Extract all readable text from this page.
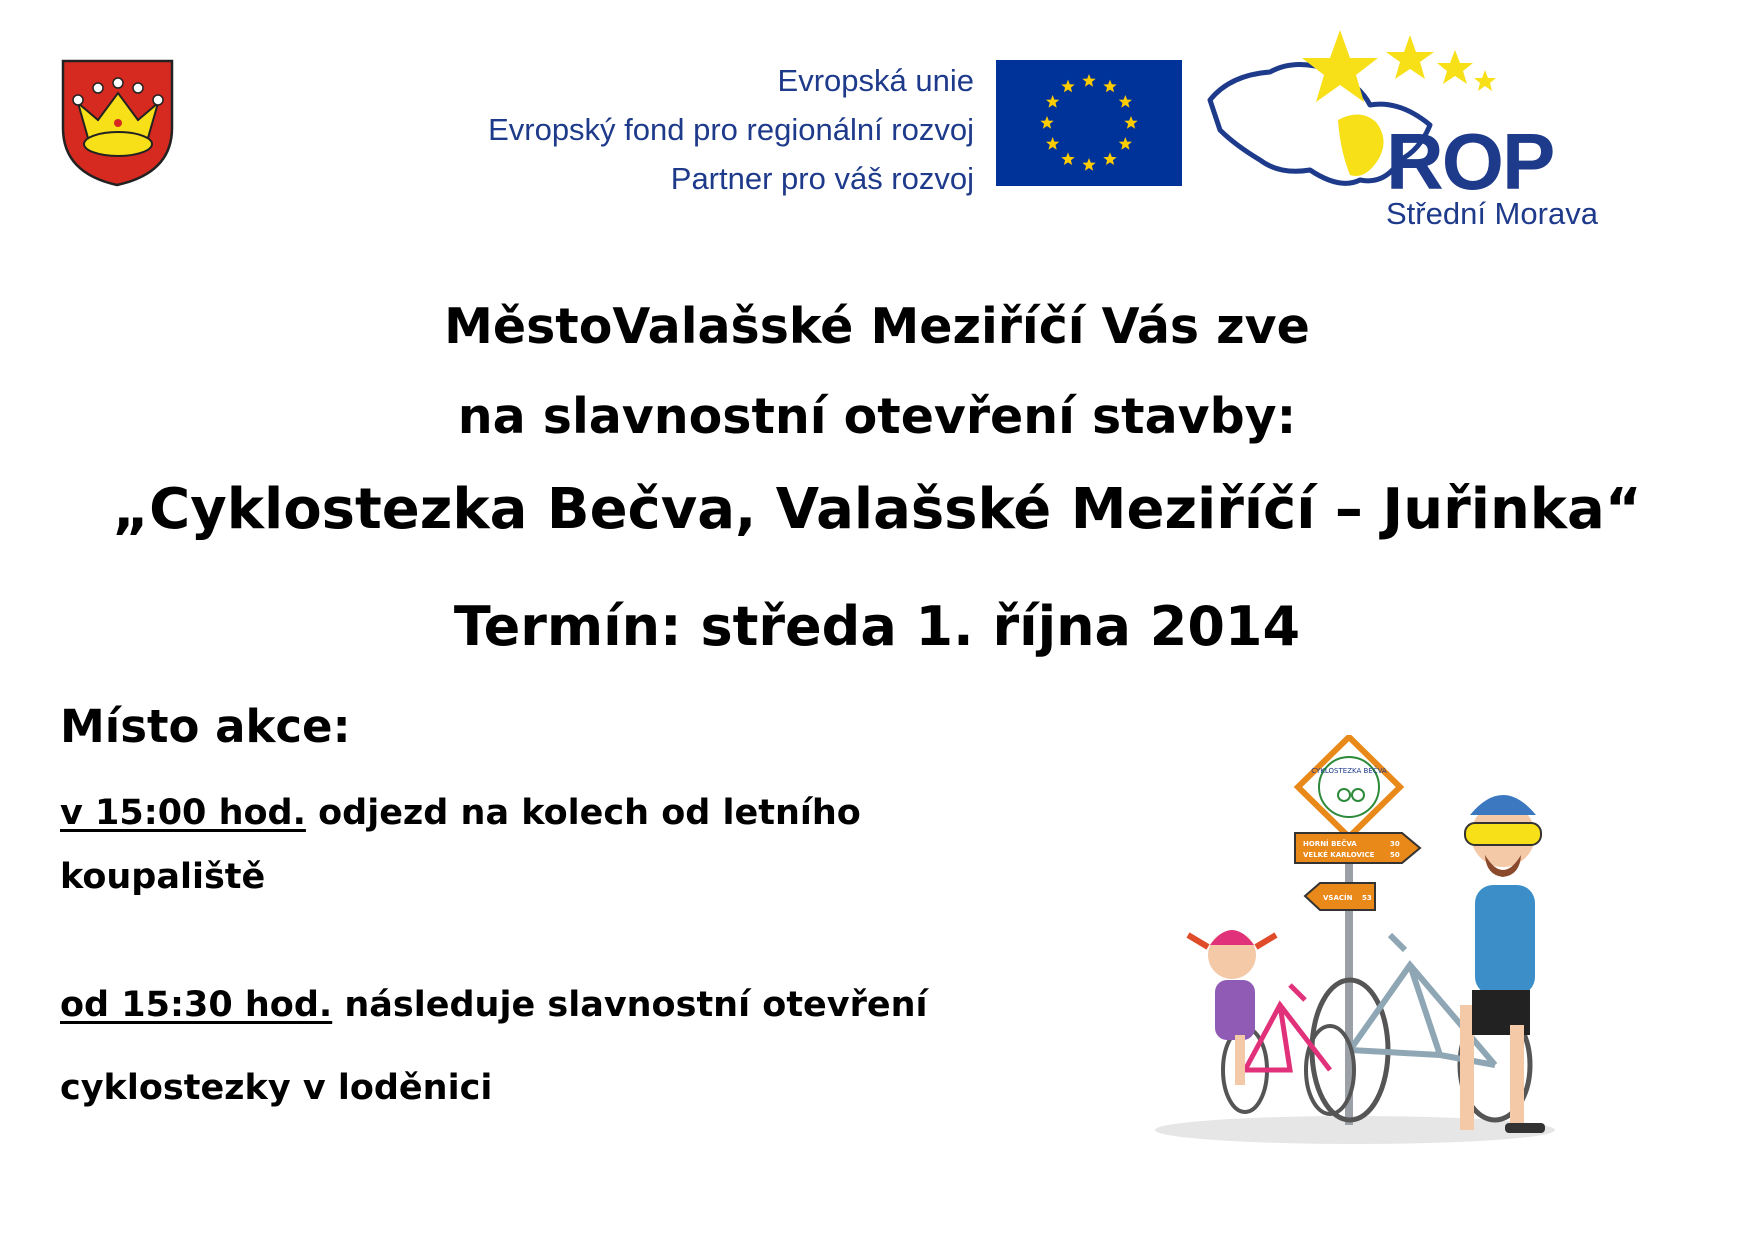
Evropská unie
Evropský fond pro regionální rozvoj
Partner pro váš rozvoj	ROP
Střední Morava
MěstoValašské Meziříčí Vás zve
na slavnostní otevření stavby:
„Cyklostezka Bečva, Valašské Meziříčí – Juřinka“
Termín: středa 1. října 2014
Místo akce:
v 15:00 hod. odjezd na kolech od letního
koupaliště
od 15:30 hod. následuje slavnostní otevření
cyklostezky v loděnici
CYKLOSTEZKA BEČVA
HORNÍ BEČVA	30
VELKÉ KARLOVICE 50
VSACÍN 53
